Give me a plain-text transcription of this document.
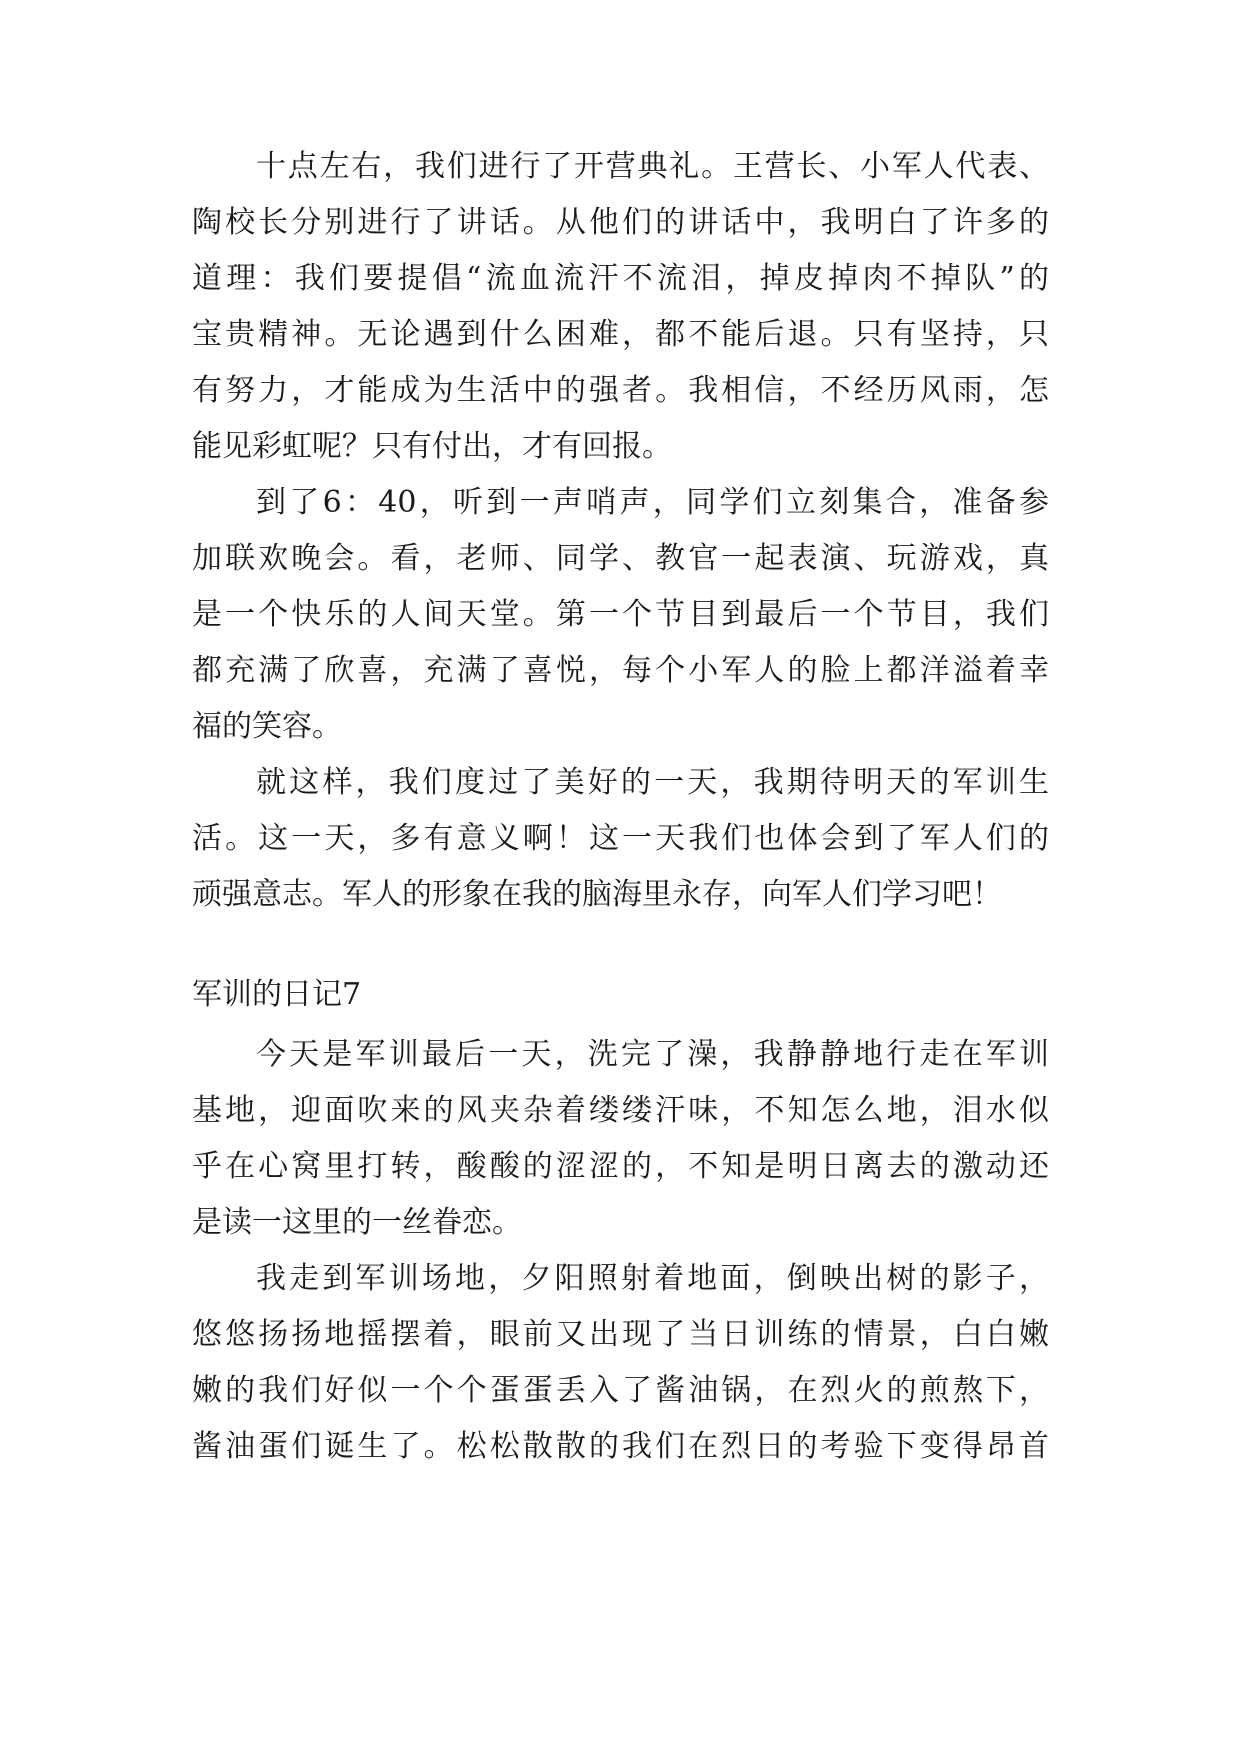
十点左右，我们进行了开营典礼。王营长、小军人代表、
陶校长分别进行了讲话。从他们的讲话中，我明白了许多的
道理：我们要提倡“流血流汗不流泪，掉皮掉肉不掉队”的
宝贵精神。无论遇到什么困难，都不能后退。只有坚持，只
有努力，才能成为生活中的强者。我相信，不经历风雨，怎
能见彩虹呢？只有付出，才有回报。
到了6：40，听到一声哨声，同学们立刻集合，准备参
加联欢晚会。看，老师、同学、教官一起表演、玩游戏，真
是一个快乐的人间天堂。第一个节目到最后一个节目，我们
都充满了欣喜，充满了喜悦，每个小军人的脸上都洋溢着幸
福的笑容。
就这样，我们度过了美好的一天，我期待明天的军训生
活。这一天，多有意义啊！这一天我们也体会到了军人们的
顽强意志。军人的形象在我的脑海里永存，向军人们学习吧！
军训的日记7
今天是军训最后一天，洗完了澡，我静静地行走在军训
基地，迎面吹来的风夹杂着缕缕汗味，不知怎么地，泪水似
乎在心窝里打转，酸酸的涩涩的，不知是明日离去的激动还
是读一这里的一丝眷恋。
我走到军训场地，夕阳照射着地面，倒映出树的影子，
悠悠扬扬地摇摆着，眼前又出现了当日训练的情景，白白嫩
嫩的我们好似一个个蛋蛋丢入了酱油锅，在烈火的煎熬下，
酱油蛋们诞生了。松松散散的我们在烈日的考验下变得昂首
